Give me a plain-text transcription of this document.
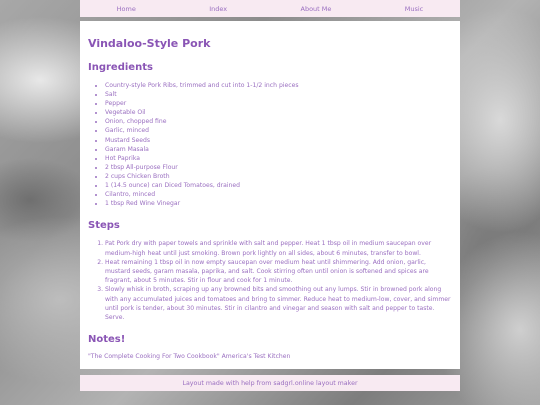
Home	Index	About Me	Music
Vindaloo-Style Pork
Ingredients
• Country-style Pork Ribs, trimmed and cut into 1-1/2 inch pieces
• Salt
• Pepper
• Vegetable Oil
• Onion, chopped fine
• Garlic, minced
• Mustard Seeds
• Garam Masala
• Hot Paprika
• 2 tbsp All-purpose Flour
• 2 cups Chicken Broth
• 1 (14.5 ounce) can Diced Tomatoes, drained
• Cilantro, minced
• 1 tbsp Red Wine Vinegar
Steps
1. Pat Pork dry with paper towels and sprinkle with salt and pepper. Heat 1 tbsp oil in medium saucepan over medium-high heat until just smoking. Brown pork lightly on all sides, about 6 minutes, transfer to bowl.
2. Heat remaining 1 tbsp oil in now empty saucepan over medium heat until shimmering. Add onion, garlic, mustard seeds, garam masala, paprika, and salt. Cook stirring often until onion is softened and spices are fragrant, about 5 minutes. Stir in flour and cook for 1 minute.
3. Slowly whisk in broth, scraping up any browned bits and smoothing out any lumps. Stir in browned pork along with any accumulated juices and tomatoes and bring to simmer. Reduce heat to medium-low, cover, and simmer until pork is tender, about 30 minutes. Stir in cilantro and vinegar and season with salt and pepper to taste. Serve.
Notes!

"The Complete Cooking For Two Cookbook" America's Test Kitchen

Layout made with help from sadgrl.online layout maker
